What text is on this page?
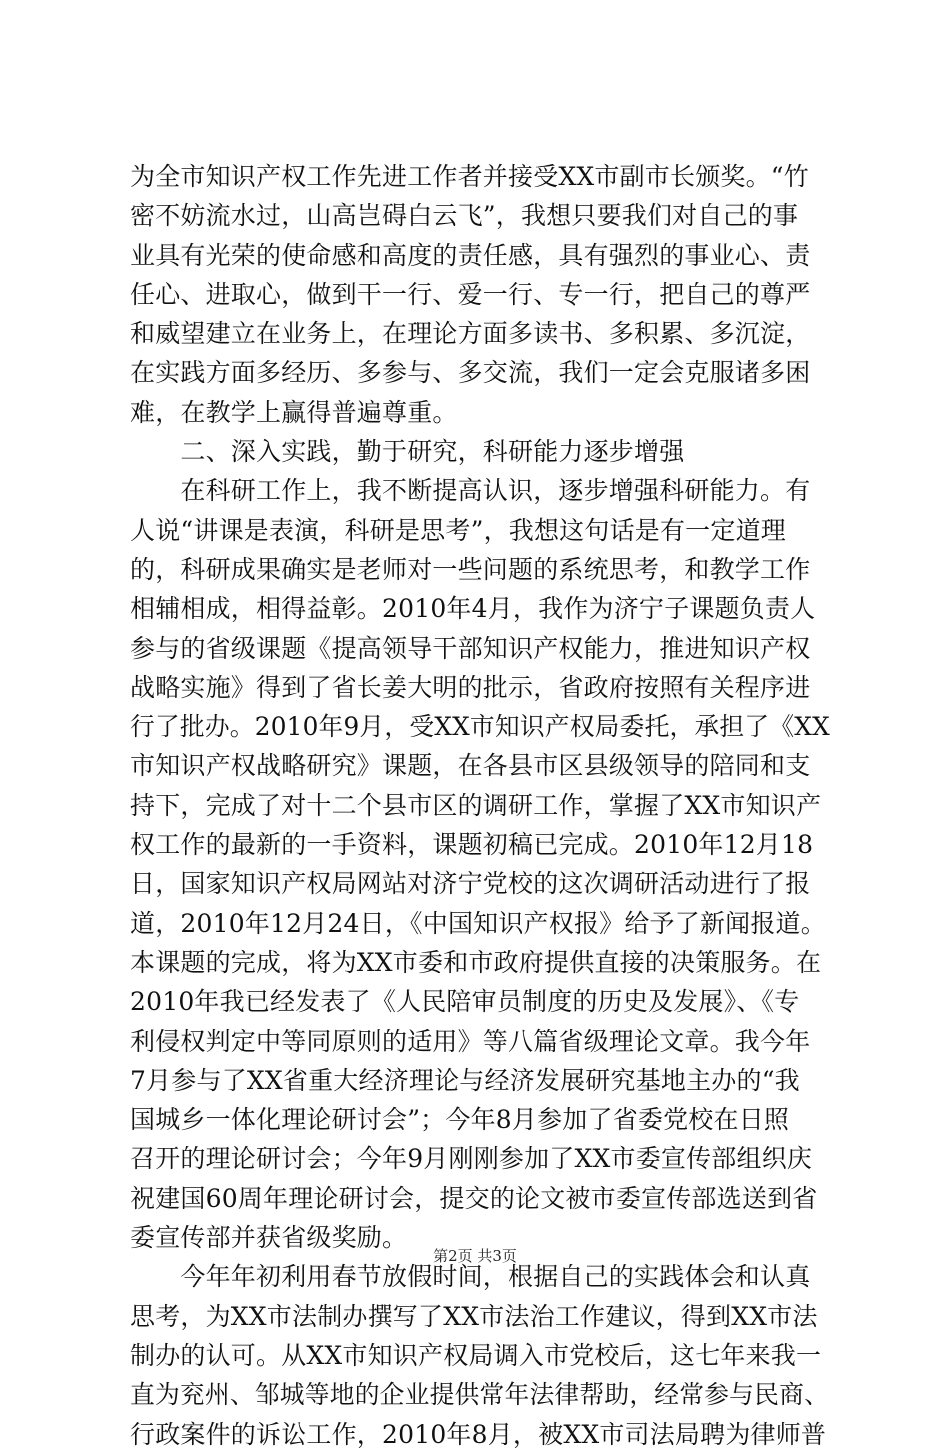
为全市知识产权工作先进工作者并接受XX市副市长颁奖。“竹
密不妨流水过，山高岂碍白云飞”，我想只要我们对自己的事
业具有光荣的使命感和高度的责任感，具有强烈的事业心、责
任心、进取心，做到干一行、爱一行、专一行，把自己的尊严
和威望建立在业务上，在理论方面多读书、多积累、多沉淀，
在实践方面多经历、多参与、多交流，我们一定会克服诸多困
难，在教学上赢得普遍尊重。
　　二、深入实践，勤于研究，科研能力逐步增强
　　在科研工作上，我不断提高认识，逐步增强科研能力。有
人说“讲课是表演，科研是思考”，我想这句话是有一定道理
的，科研成果确实是老师对一些问题的系统思考，和教学工作
相辅相成，相得益彰。2010年4月，我作为济宁子课题负责人
参与的省级课题《提高领导干部知识产权能力，推进知识产权
战略实施》得到了省长姜大明的批示，省政府按照有关程序进
行了批办。2010年9月，受XX市知识产权局委托，承担了《XX
市知识产权战略研究》课题，在各县市区县级领导的陪同和支
持下，完成了对十二个县市区的调研工作，掌握了XX市知识产
权工作的最新的一手资料，课题初稿已完成。2010年12月18
日，国家知识产权局网站对济宁党校的这次调研活动进行了报
道，2010年12月24日，《中国知识产权报》给予了新闻报道。
本课题的完成，将为XX市委和市政府提供直接的决策服务。在
2010年我已经发表了《人民陪审员制度的历史及发展》、《专
利侵权判定中等同原则的适用》等八篇省级理论文章。我今年
7月参与了XX省重大经济理论与经济发展研究基地主办的“我
国城乡一体化理论研讨会”；今年8月参加了省委党校在日照
召开的理论研讨会；今年9月刚刚参加了XX市委宣传部组织庆
祝建国60周年理论研讨会，提交的论文被市委宣传部选送到省
委宣传部并获省级奖励。
　　今年年初利用春节放假时间，根据自己的实践体会和认真
思考，为XX市法制办撰写了XX市法治工作建议，得到XX市法
制办的认可。从XX市知识产权局调入市党校后，这七年来我一
直为兖州、邹城等地的企业提供常年法律帮助，经常参与民商、
行政案件的诉讼工作，2010年8月，被XX市司法局聘为律师普
第2页 共3页
